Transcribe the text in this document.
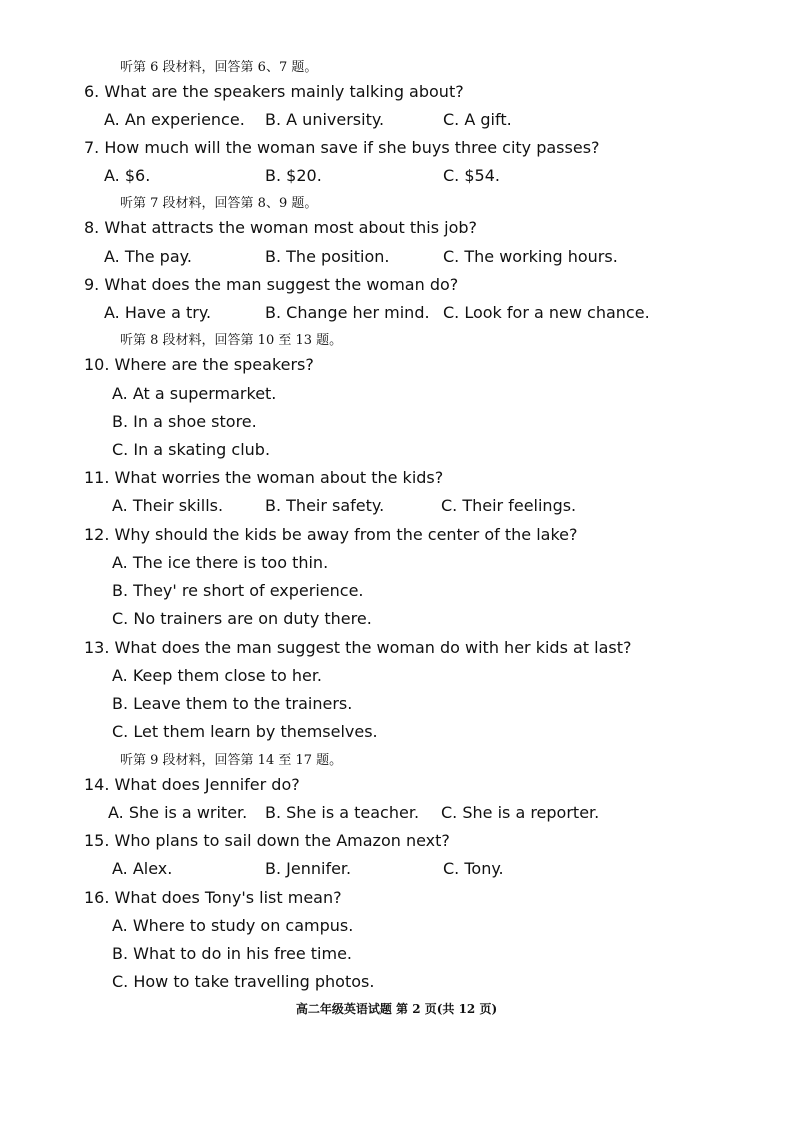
听第 6 段材料，回答第 6、7 题。
6. What are the speakers mainly talking about?
A. An experience. B. A university.	C. A gift.
7. How much will the woman save if she buys three city passes?
A. $6.	B. $20.	C. $54.
听第 7 段材料，回答第 8、9 题。
8. What attracts the woman most about this job?
A. The pay.	B. The position.	C. The working hours.
9. What does the man suggest the woman do?
A. Have a try.	B. Change her mind. C. Look for a new chance.
听第 8 段材料，回答第 10 至 13 题。
10. Where are the speakers?
A. At a supermarket.
B. In a shoe store.
C. In a skating club.
11. What worries the woman about the kids?
A. Their skills.	B. Their safety.	C. Their feelings.
12. Why should the kids be away from the center of the lake?
A. The ice there is too thin.
B. They' re short of experience.
C. No trainers are on duty there.
13. What does the man suggest the woman do with her kids at last?
A. Keep them close to her.
B. Leave them to the trainers.
C. Let them learn by themselves.
听第 9 段材料，回答第 14 至 17 题。
14. What does Jennifer do?
A. She is a writer. B. She is a teacher. C. She is a reporter.
15. Who plans to sail down the Amazon next?
A. Alex.	B. Jennifer.	C. Tony.
16. What does Tony's list mean?
A. Where to study on campus.
B. What to do in his free time.
C. How to take travelling photos.
高二年级英语试题 第 2 页(共 12 页)
